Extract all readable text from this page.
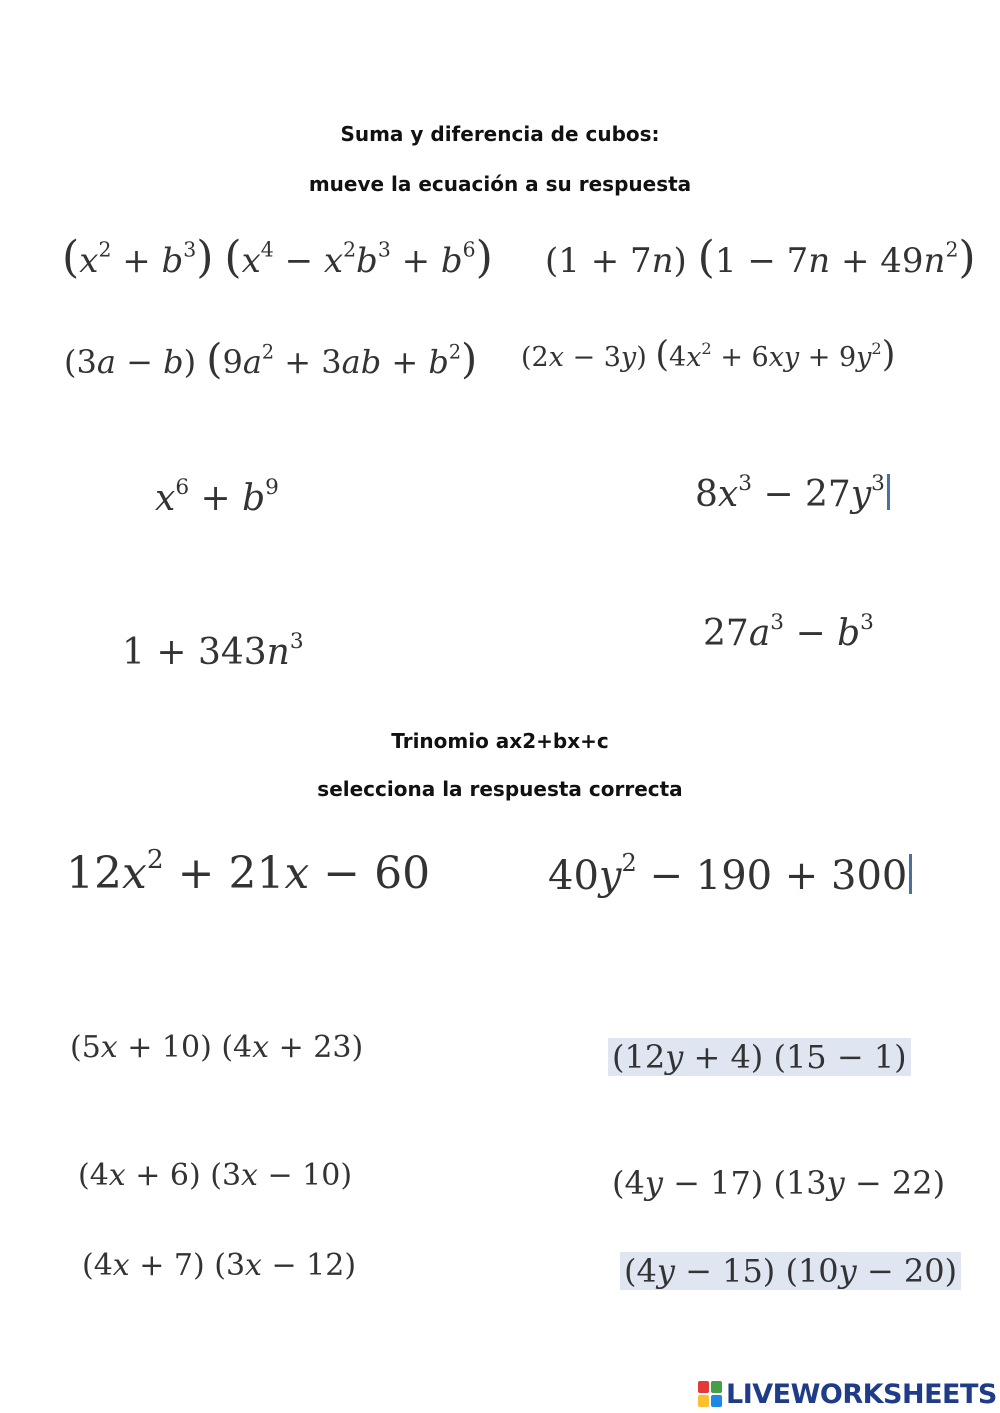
Suma y diferencia de cubos:
mueve la ecuación a su respuesta
$(x^2 + b^3) (x^4 - x^2b^3 + b^6) (1 + 7n) (1 - 7n + 49n^2)$
(3a − b) $(9a^2 + 3ab + b^2) (2x - 3y) (4x^2 + 6xy + 9y^2)$
$x^6 + b^9$	$8x^3 - 27y^3$
$1 + 343n^3$	$27a^3 - b^3$
Trinomio ax2+bx+c
selecciona la respuesta correcta
$12x^2 + 21x - 60$	$40y^2 - 190 + 300$
(5x + 10) (4x + 23)	(12y + 4) (15 − 1)
(4x + 6) (3x − 10)	(4y − 17) (13y − 22)
(4x + 7) (3x − 12)	(4y − 15) (10y − 20)
LIVEWORKSHEETS
